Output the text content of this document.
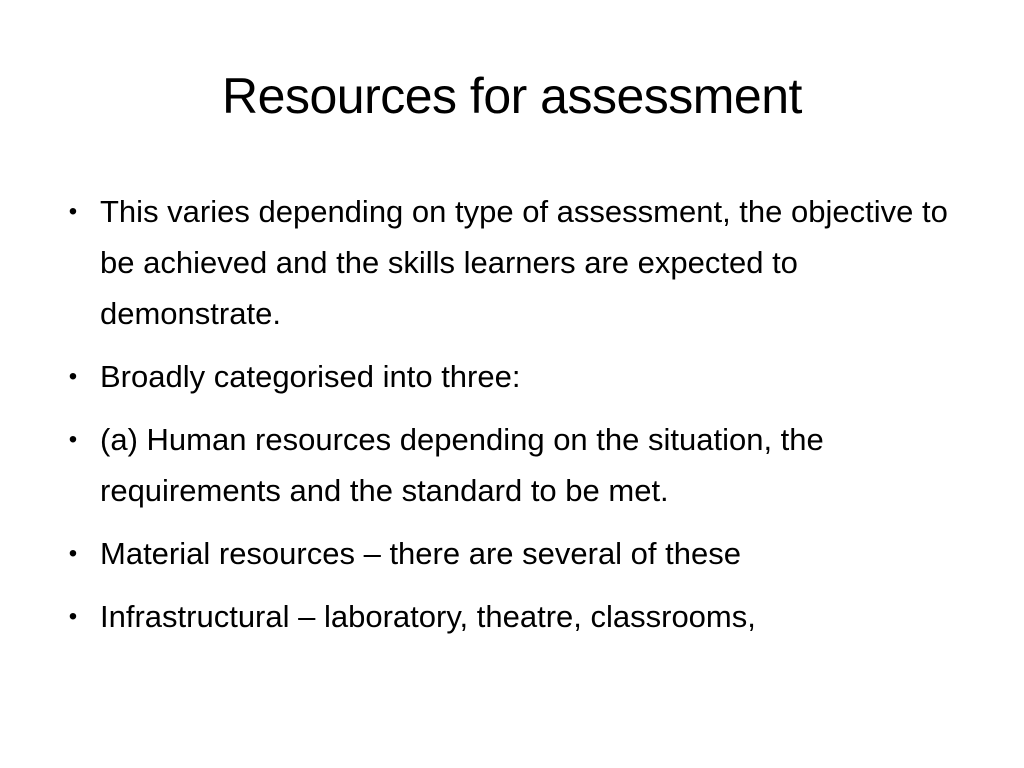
Resources for assessment
• This varies depending on type of assessment, the objective to be achieved and the skills learners are expected to demonstrate.
• Broadly categorised into three:
• (a) Human resources depending on the situation, the requirements and the standard to be met.
• Material resources – there are several of these
• Infrastructural – laboratory, theatre, classrooms,
